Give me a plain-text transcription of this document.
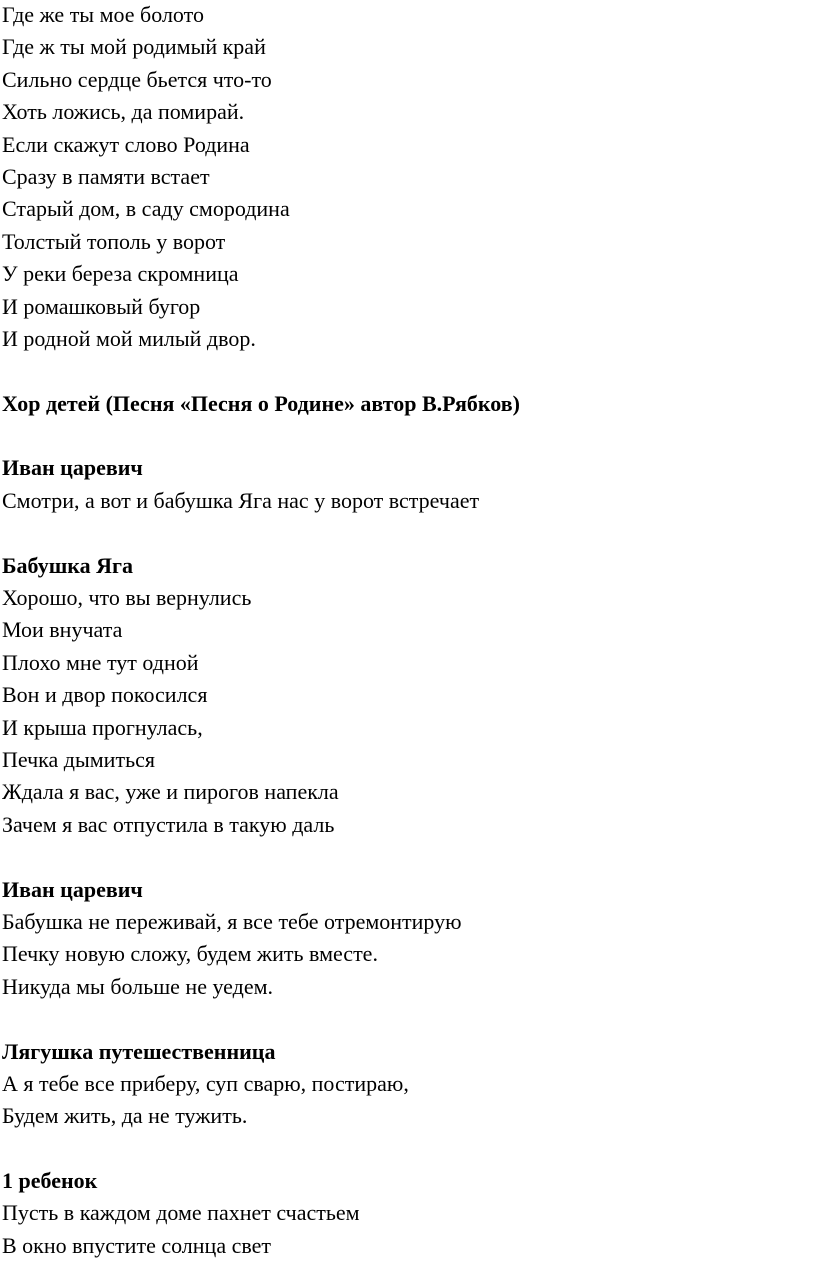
Где же ты мое болото

Где ж ты мой родимый край

Сильно сердце бьется что-то

Хоть ложись, да помирай.

Если скажут слово Родина

Сразу в памяти встает

Старый дом, в саду смородина

Толстый тополь у ворот

У реки береза скромница

И ромашковый бугор

И родной мой милый двор.

Хор детей (Песня «Песня о Родине» автор В.Рябков)

Иван царевич

Смотри, а вот и бабушка Яга нас у ворот встречает

Бабушка Яга

Хорошо, что вы вернулись

Мои внучата

Плохо мне тут одной

Вон и двор покосился

И крыша прогнулась,

Печка дымиться

Ждала я вас, уже и пирогов напекла

Зачем я вас отпустила в такую даль

Иван царевич

Бабушка не переживай, я все тебе отремонтирую

Печку новую сложу, будем жить вместе.

Никуда мы больше не уедем.

Лягушка путешественница

А я тебе все приберу, суп сварю, постираю,

Будем жить, да не тужить.

1 ребенок

Пусть в каждом доме пахнет счастьем

В окно впустите солнца свет
